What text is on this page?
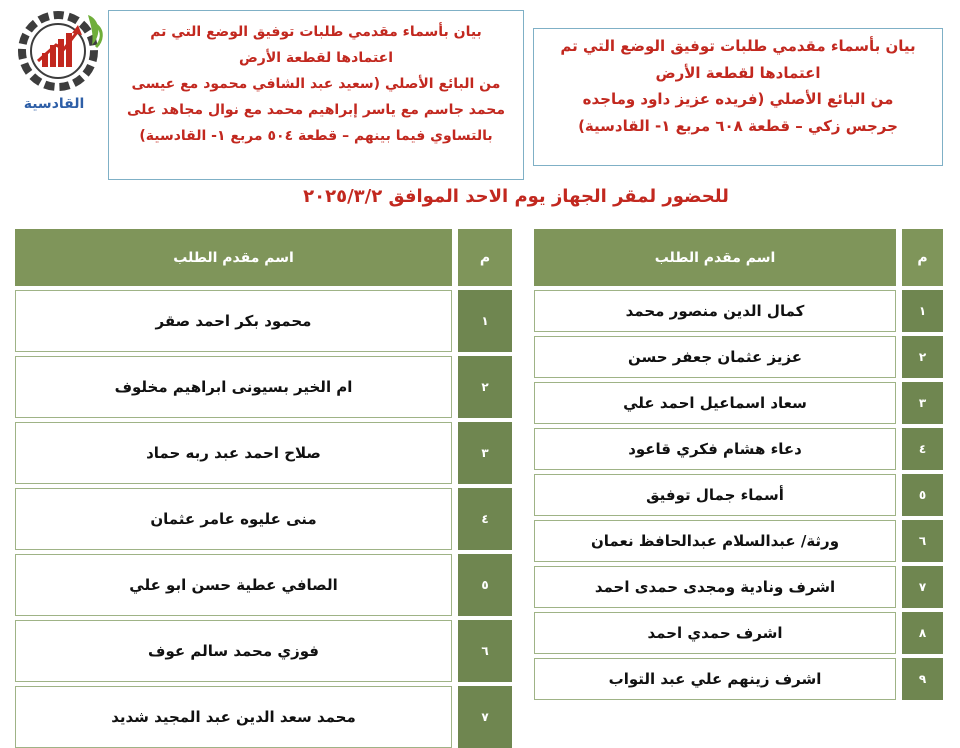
القادسية

بيان بأسماء مقدمي طلبات توفيق الوضع التي تم

اعتمادها لقطعة الأرض

من البائع الأصلي (سعيد عبد الشافي محمود مع عيسى

محمد جاسم مع ياسر إبراهيم محمد مع نوال مجاهد على

بالتساوي فيما بينهم – قطعة ٥٠٤ مربع ١- القادسية)

بيان بأسماء مقدمي طلبات توفيق الوضع التي تم

اعتمادها لقطعة الأرض

من البائع الأصلي (فريده عزيز داود وماجده

جرجس زكي – قطعة ٦٠٨ مربع ١- القادسية)

للحضور لمقر الجهاز يوم الاحد الموافق ٢٠٢٥/٣/٢
اسم مقدم الطلب	م
محمود بكر احمد صقر	١
ام الخير بسيونى ابراهيم مخلوف	٢
صلاح احمد عبد ربه حماد	٣
منى عليوه عامر عثمان	٤
الصافي عطية حسن ابو علي	٥
فوزي محمد سالم عوف	٦
محمد سعد الدين عبد المجيد شديد	٧
اسم مقدم الطلب	م
كمال الدين منصور محمد	١
عزيز عثمان جعفر حسن	٢
سعاد اسماعيل احمد علي	٣
دعاء هشام فكري قاعود	٤
أسماء جمال توفيق	٥
ورثة/ عبدالسلام عبدالحافظ نعمان	٦
اشرف ونادية ومجدى حمدى احمد	٧
اشرف حمدي احمد	٨
اشرف زينهم علي عبد التواب	٩
